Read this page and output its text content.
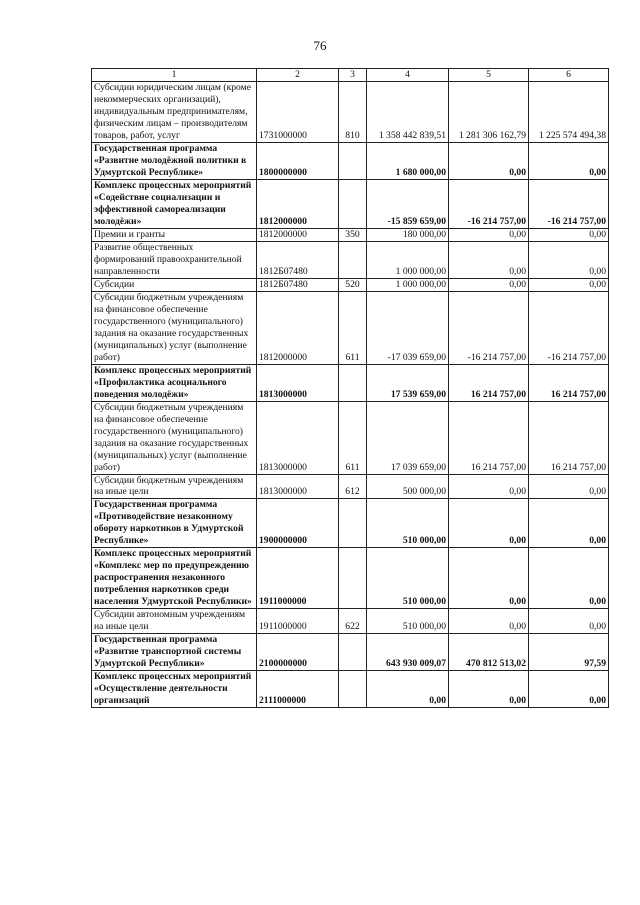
76
1	2	3	4	5	6
Субсидии юридическим лицам (кроме некоммерческих организаций), индивидуальным предпринимателям, физическим лицам – производителям товаров, работ, услуг	1731000000	810	1 358 442 839,51	1 281 306 162,79	1 225 574 494,38
Государственная программа «Развитие молодёжной политики в Удмуртской Республике»	1800000000		1 680 000,00	0,00	0,00
Комплекс процессных мероприятий «Содействие социализации и эффективной самореализации молодёжи»	1812000000		-15 859 659,00	-16 214 757,00	-16 214 757,00
Премии и гранты	1812000000	350	180 000,00	0,00	0,00
Развитие общественных формирований правоохранительной направленности	1812Б07480		1 000 000,00	0,00	0,00
Субсидии	1812Б07480	520	1 000 000,00	0,00	0,00
Субсидии бюджетным учреждениям на финансовое обеспечение государственного (муниципального) задания на оказание государственных (муниципальных) услуг (выполнение работ)	1812000000	611	-17 039 659,00	-16 214 757,00	-16 214 757,00
Комплекс процессных мероприятий «Профилактика асоциального поведения молодёжи»	1813000000		17 539 659,00	16 214 757,00	16 214 757,00
Субсидии бюджетным учреждениям на финансовое обеспечение государственного (муниципального) задания на оказание государственных (муниципальных) услуг (выполнение работ)	1813000000	611	17 039 659,00	16 214 757,00	16 214 757,00
Субсидии бюджетным учреждениям на иные цели	1813000000	612	500 000,00	0,00	0,00
Государственная программа «Противодействие незаконному обороту наркотиков в Удмуртской Республике»	1900000000		510 000,00	0,00	0,00
Комплекс процессных мероприятий «Комплекс мер по предупреждению распространения незаконного потребления наркотиков среди населения Удмуртской Республики»	1911000000		510 000,00	0,00	0,00
Субсидии автономным учреждениям на иные цели	1911000000	622	510 000,00	0,00	0,00
Государственная программа «Развитие транспортной системы Удмуртской Республики»	2100000000		643 930 009,07	470 812 513,02	97,59
Комплекс процессных мероприятий «Осуществление деятельности организаций	2111000000		0,00	0,00	0,00
